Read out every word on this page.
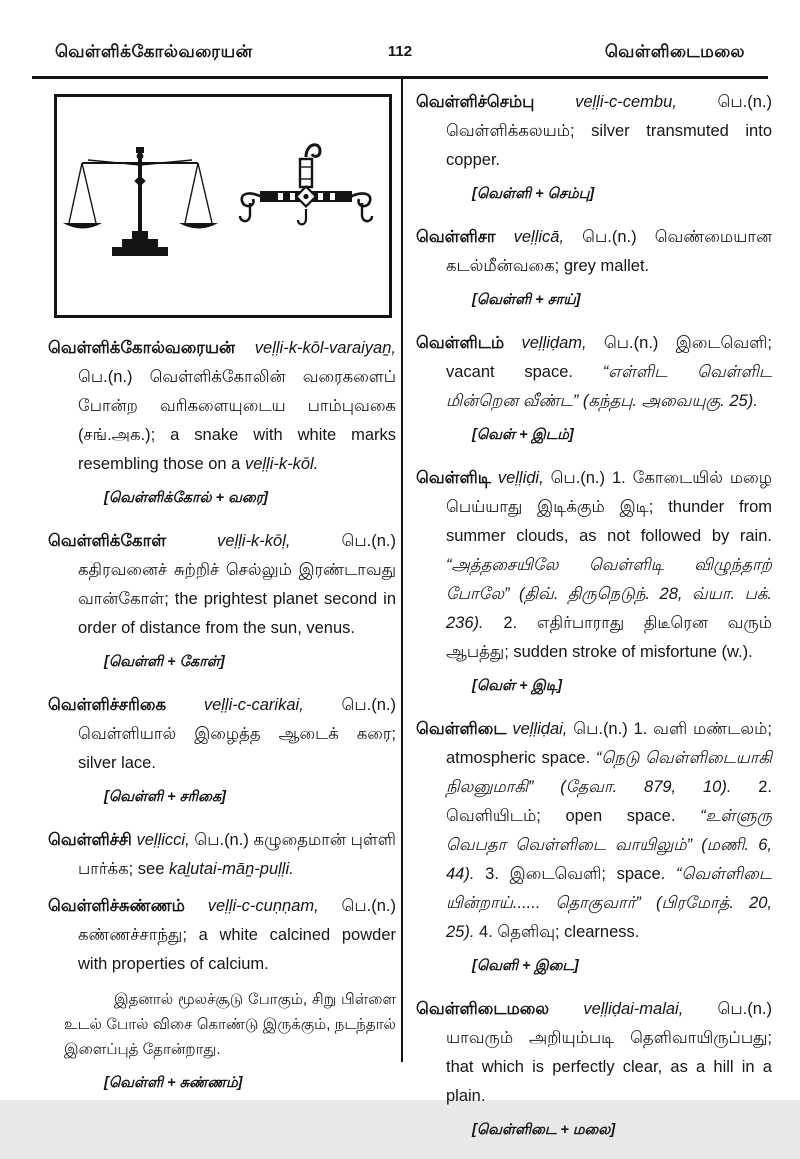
வெள்ளிக்கோல்வரையன்	112	வெள்ளிடைமலை

வெள்ளிக்கோல்வரையன் veḷḷi-k-kōl-varaiyaṉ, பெ.(n.) வெள்ளிக்கோலின் வரைகளைப் போன்ற வரிகளையுடைய பாம்புவகை (சங்.அக.); a snake with white marks resembling those on a veḷḷi-k-kōl.

[வெள்ளிக்கோல் + வரை]

வெள்ளிக்கோள் veḷḷi-k-kōḷ, பெ.(n.) கதிரவனைச் சுற்றிச் செல்லும் இரண்டாவது வான்கோள்; the prightest planet second in order of distance from the sun, venus.

[வெள்ளி + கோள்]

வெள்ளிச்சரிகை veḷḷi-c-carikai, பெ.(n.) வெள்ளியால் இழைத்த ஆடைக் கரை; silver lace.

[வெள்ளி + சரிகை]

வெள்ளிச்சி veḷḷicci, பெ.(n.) கழுதைமான் புள்ளி பார்க்க; see kaḻutai-māṉ-puḷḷi.

வெள்ளிச்சுண்ணம் veḷḷi-c-cuṇṇam, பெ.(n.) கண்ணச்சாந்து; a white calcined powder with properties of calcium.

இதனால் மூலச்சூடு போகும், சிறு பிள்ளை உடல் போல் விசை கொண்டு இருக்கும், நடந்தால் இளைப்புத் தோன்றாது.

[வெள்ளி + சுண்ணம்]

வெள்ளிச்செம்பு veḷḷi-c-cembu, பெ.(n.) வெள்ளிக்கலயம்; silver transmuted into copper.

[வெள்ளி + செம்பு]

வெள்ளிசா veḷḷicā, பெ.(n.) வெண்மையான கடல்மீன்வகை; grey mallet.

[வெள்ளி + சாய்]

வெள்ளிடம் veḷḷiḍam, பெ.(n.) இடைவெளி; vacant space. “எள்ளிட வெள்ளிட மின்றென வீண்ட” (கந்தபு. அவையுகு. 25).

[வெள் + இடம்]

வெள்ளிடி veḷḷiḍi, பெ.(n.) 1. கோடையில் மழை பெய்யாது இடிக்கும் இடி; thunder from summer clouds, as not followed by rain. “அத்தசையிலே வெள்ளிடி விழுந்தாற் போலே” (திவ். திருநெடுந். 28, வ்யா. பக். 236). 2. எதிர்பாராது திடீரென வரும் ஆபத்து; sudden stroke of misfortune (w.).

[வெள் + இடி]

வெள்ளிடை veḷḷiḍai, பெ.(n.) 1. வளி மண்டலம்; atmospheric space. “நெடு வெள்ளிடையாகி நிலனுமாகி” (தேவா. 879, 10). 2. வெளியிடம்; open space. “உள்ளுரு வெபதா வெள்ளிடை வாயிலும்” (மணி. 6, 44). 3. இடைவெளி; space. “வெள்ளிடை யின்றாய்...... தொகுவார்” (பிரமோத். 20, 25). 4. தெளிவு; clearness.

[வெளி + இடை]

வெள்ளிடைமலை veḷḷiḍai-malai, பெ.(n.) யாவரும் அறியும்படி தெளிவாயிருப்பது; that which is perfectly clear, as a hill in a plain.

[வெள்ளிடை + மலை]
